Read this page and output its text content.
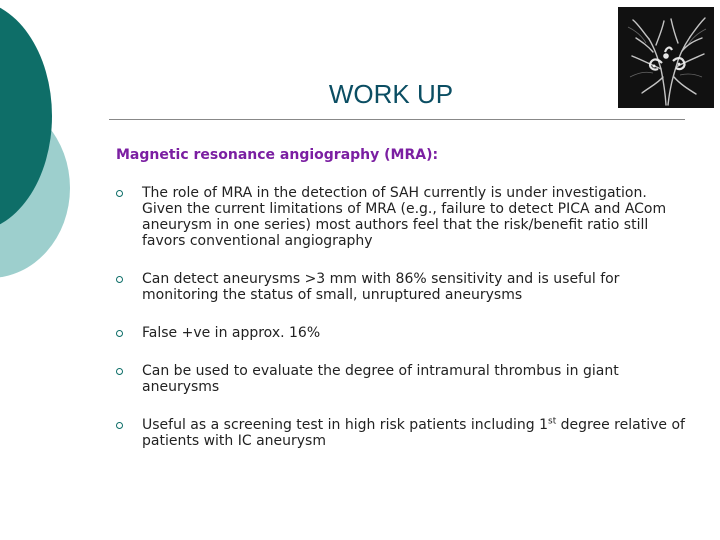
WORK UP
Magnetic resonance angiography (MRA):
The role of MRA in the detection of SAH currently is under investigation. Given the current limitations of MRA (e.g., failure to detect PICA and ACom aneurysm in one series) most authors feel that the risk/benefit ratio still favors conventional angiography
Can detect aneurysms >3 mm with 86% sensitivity and is useful for monitoring the status of small, unruptured aneurysms
False +ve in approx. 16%
Can be used to evaluate the degree of intramural thrombus in giant aneurysms
Useful as a screening test in high risk patients including 1st degree relative of patients with IC aneurysm
